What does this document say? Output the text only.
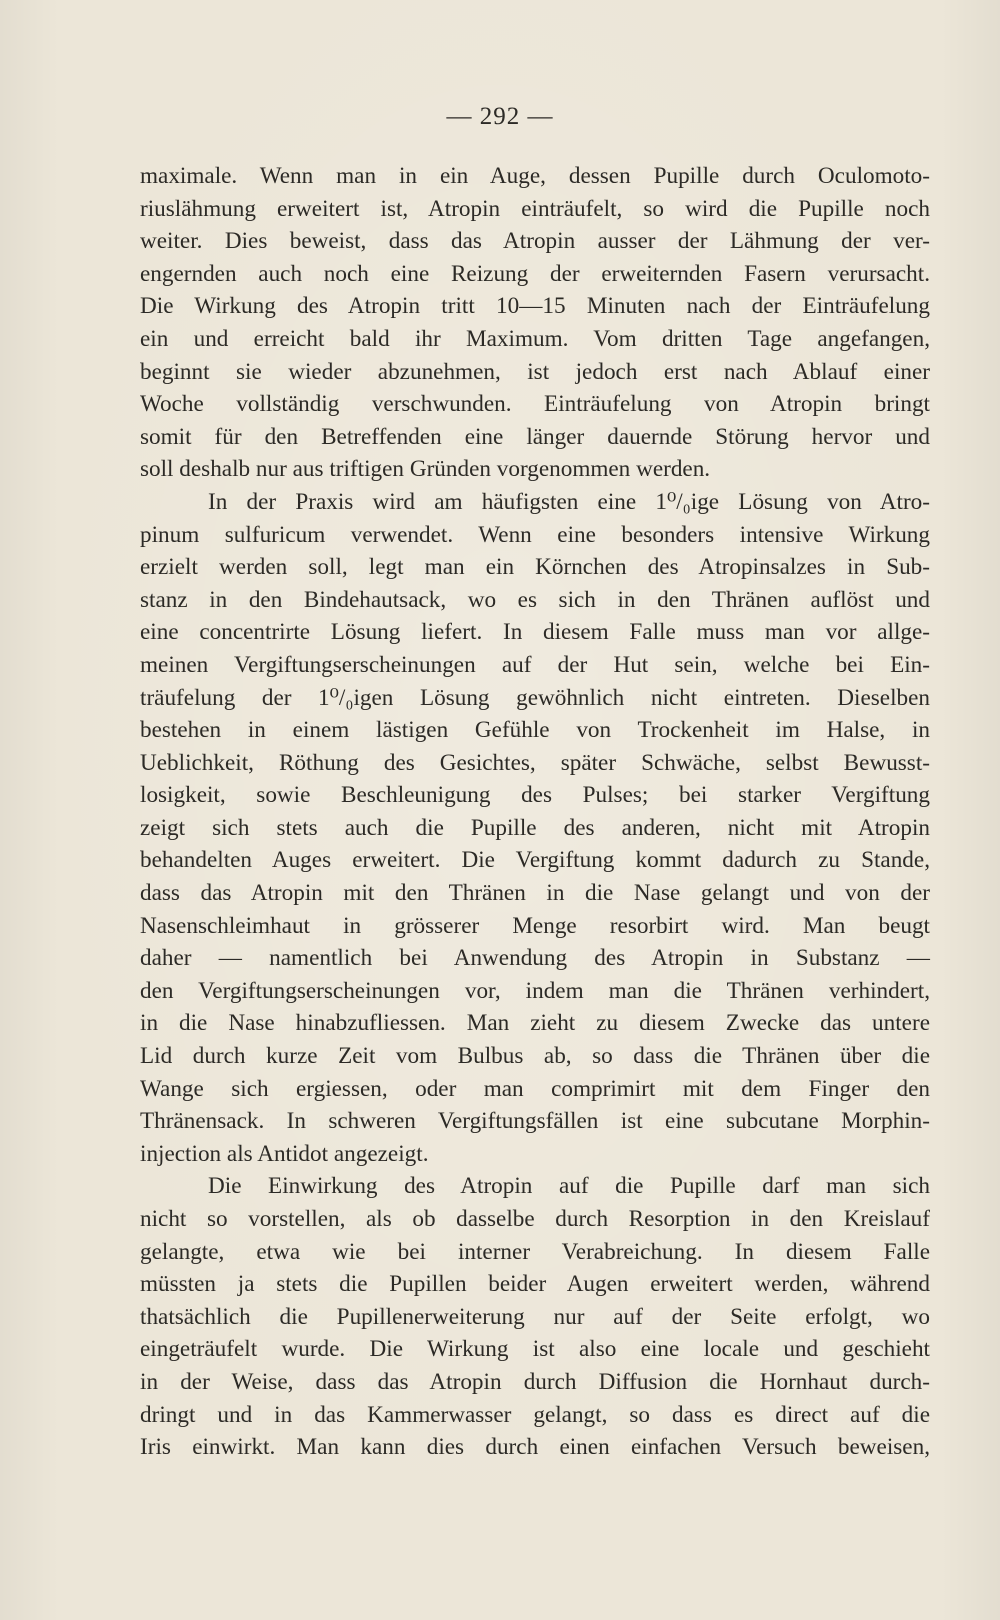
— 292 —
maximale. Wenn man in ein Auge, dessen Pupille durch Oculomoto-
riuslähmung erweitert ist, Atropin einträufelt, so wird die Pupille noch
weiter. Dies beweist, dass das Atropin ausser der Lähmung der ver-
engernden auch noch eine Reizung der erweiternden Fasern verursacht.
Die Wirkung des Atropin tritt 10—15 Minuten nach der Einträufelung
ein und erreicht bald ihr Maximum. Vom dritten Tage angefangen,
beginnt sie wieder abzunehmen, ist jedoch erst nach Ablauf einer
Woche vollständig verschwunden. Einträufelung von Atropin bringt
somit für den Betreffenden eine länger dauernde Störung hervor und
soll deshalb nur aus triftigen Gründen vorgenommen werden.
In der Praxis wird am häufigsten eine 1⁰/₀ige Lösung von Atro-
pinum sulfuricum verwendet. Wenn eine besonders intensive Wirkung
erzielt werden soll, legt man ein Körnchen des Atropinsalzes in Sub-
stanz in den Bindehautsack, wo es sich in den Thränen auflöst und
eine concentrirte Lösung liefert. In diesem Falle muss man vor allge-
meinen Vergiftungserscheinungen auf der Hut sein, welche bei Ein-
träufelung der 1⁰/₀igen Lösung gewöhnlich nicht eintreten. Dieselben
bestehen in einem lästigen Gefühle von Trockenheit im Halse, in
Ueblichkeit, Röthung des Gesichtes, später Schwäche, selbst Bewusst-
losigkeit, sowie Beschleunigung des Pulses; bei starker Vergiftung
zeigt sich stets auch die Pupille des anderen, nicht mit Atropin
behandelten Auges erweitert. Die Vergiftung kommt dadurch zu Stande,
dass das Atropin mit den Thränen in die Nase gelangt und von der
Nasenschleimhaut in grösserer Menge resorbirt wird. Man beugt
daher — namentlich bei Anwendung des Atropin in Substanz —
den Vergiftungserscheinungen vor, indem man die Thränen verhindert,
in die Nase hinabzufliessen. Man zieht zu diesem Zwecke das untere
Lid durch kurze Zeit vom Bulbus ab, so dass die Thränen über die
Wange sich ergiessen, oder man comprimirt mit dem Finger den
Thränensack. In schweren Vergiftungsfällen ist eine subcutane Morphin-
injection als Antidot angezeigt.
Die Einwirkung des Atropin auf die Pupille darf man sich
nicht so vorstellen, als ob dasselbe durch Resorption in den Kreislauf
gelangte, etwa wie bei interner Verabreichung. In diesem Falle
müssten ja stets die Pupillen beider Augen erweitert werden, während
thatsächlich die Pupillenerweiterung nur auf der Seite erfolgt, wo
eingeträufelt wurde. Die Wirkung ist also eine locale und geschieht
in der Weise, dass das Atropin durch Diffusion die Hornhaut durch-
dringt und in das Kammerwasser gelangt, so dass es direct auf die
Iris einwirkt. Man kann dies durch einen einfachen Versuch beweisen,
